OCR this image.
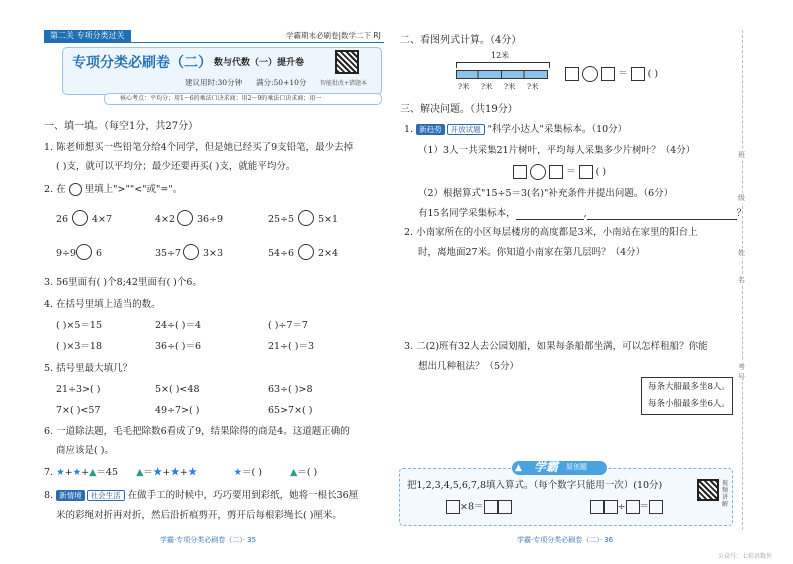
第二关 专项分类过关	学霸期末必刷卷|数学二下 RJ
专项分类必刷卷（二） 数与代数（一）提升卷
建议用时:30分钟 满分:50+10分 智能批改+错题本
核心考点：平均分；用1～6的乘法口诀求商；用2～9的乘法口诀求商；用一
一、填一填。（每空1分，共27分）
1. 陈老师想买一些铅笔分给4个同学，但是她已经买了9支铅笔，最少去掉
( )支，就可以平均分；最少还要再买( )支，就能平均分。
2. 在 里填上">""<"或"="。
26	4×7	4×2 36÷9	25÷5	5×1
9÷9 6	35÷7 3×3	54÷6	2×4
3. 56里面有( )个8;42里面有( )个6。
4. 在括号里填上适当的数。
( )×5＝15	24÷( )＝4	( )÷7＝7
( )×3＝18	36÷( )＝6	21÷( )＝3
5. 括号里最大填几？
21÷3>( )	5×( )<48	63÷( )>8
7×( )<57	49÷7>( )	65>7×( )
6. 一道除法题，毛毛把除数6看成了9，结果除得的商是4。这道题正确的
商应该是( )。
7. ★+★+▲＝45 ▲＝★+★+★	★＝( )	▲＝( )
8. 新情境 社会生活 在做手工的时候中，巧巧要用到彩纸，她将一根长36厘
米的彩绳对折再对折，然后沿折痕剪开，剪开后每根彩绳长( )厘米。
学霸·专项分类必刷卷（二）· 35
班
级
姓
名
考
号
二、看图列式计算。（4分）
12米
?米 ?米 ?米 ?米
＝ ( )
三、解决问题。（共19分）
1. 新趋势 开放试题 "科学小达人"采集标本。（10分）
（1）3人一共采集21片树叶，平均每人采集多少片树叶？（4分）
＝ ( )
（2）根据算式"15÷5＝3(名)"补充条件并提出问题。（6分）
有15名同学采集标本，	,	？
2. 小南家所在的小区每层楼房的高度都是3米，小南站在家里的阳台上
时，离地面27米。你知道小南家在第几层吗？（4分）
3. 二(2)班有32人去公园划船，如果每条船都坐满，可以怎样租船？你能
想出几种租法？（5分）
每条大船最多坐8人。
每条小船最多坐6人。
学霸 原创题
▲
把1,2,3,4,5,6,7,8填入算式。（每个数字只能用一次）(10分)
×8＝	÷ ＝
视频讲解
学霸·专项分类必刷卷（二）· 36
公众号：七彩语数外
